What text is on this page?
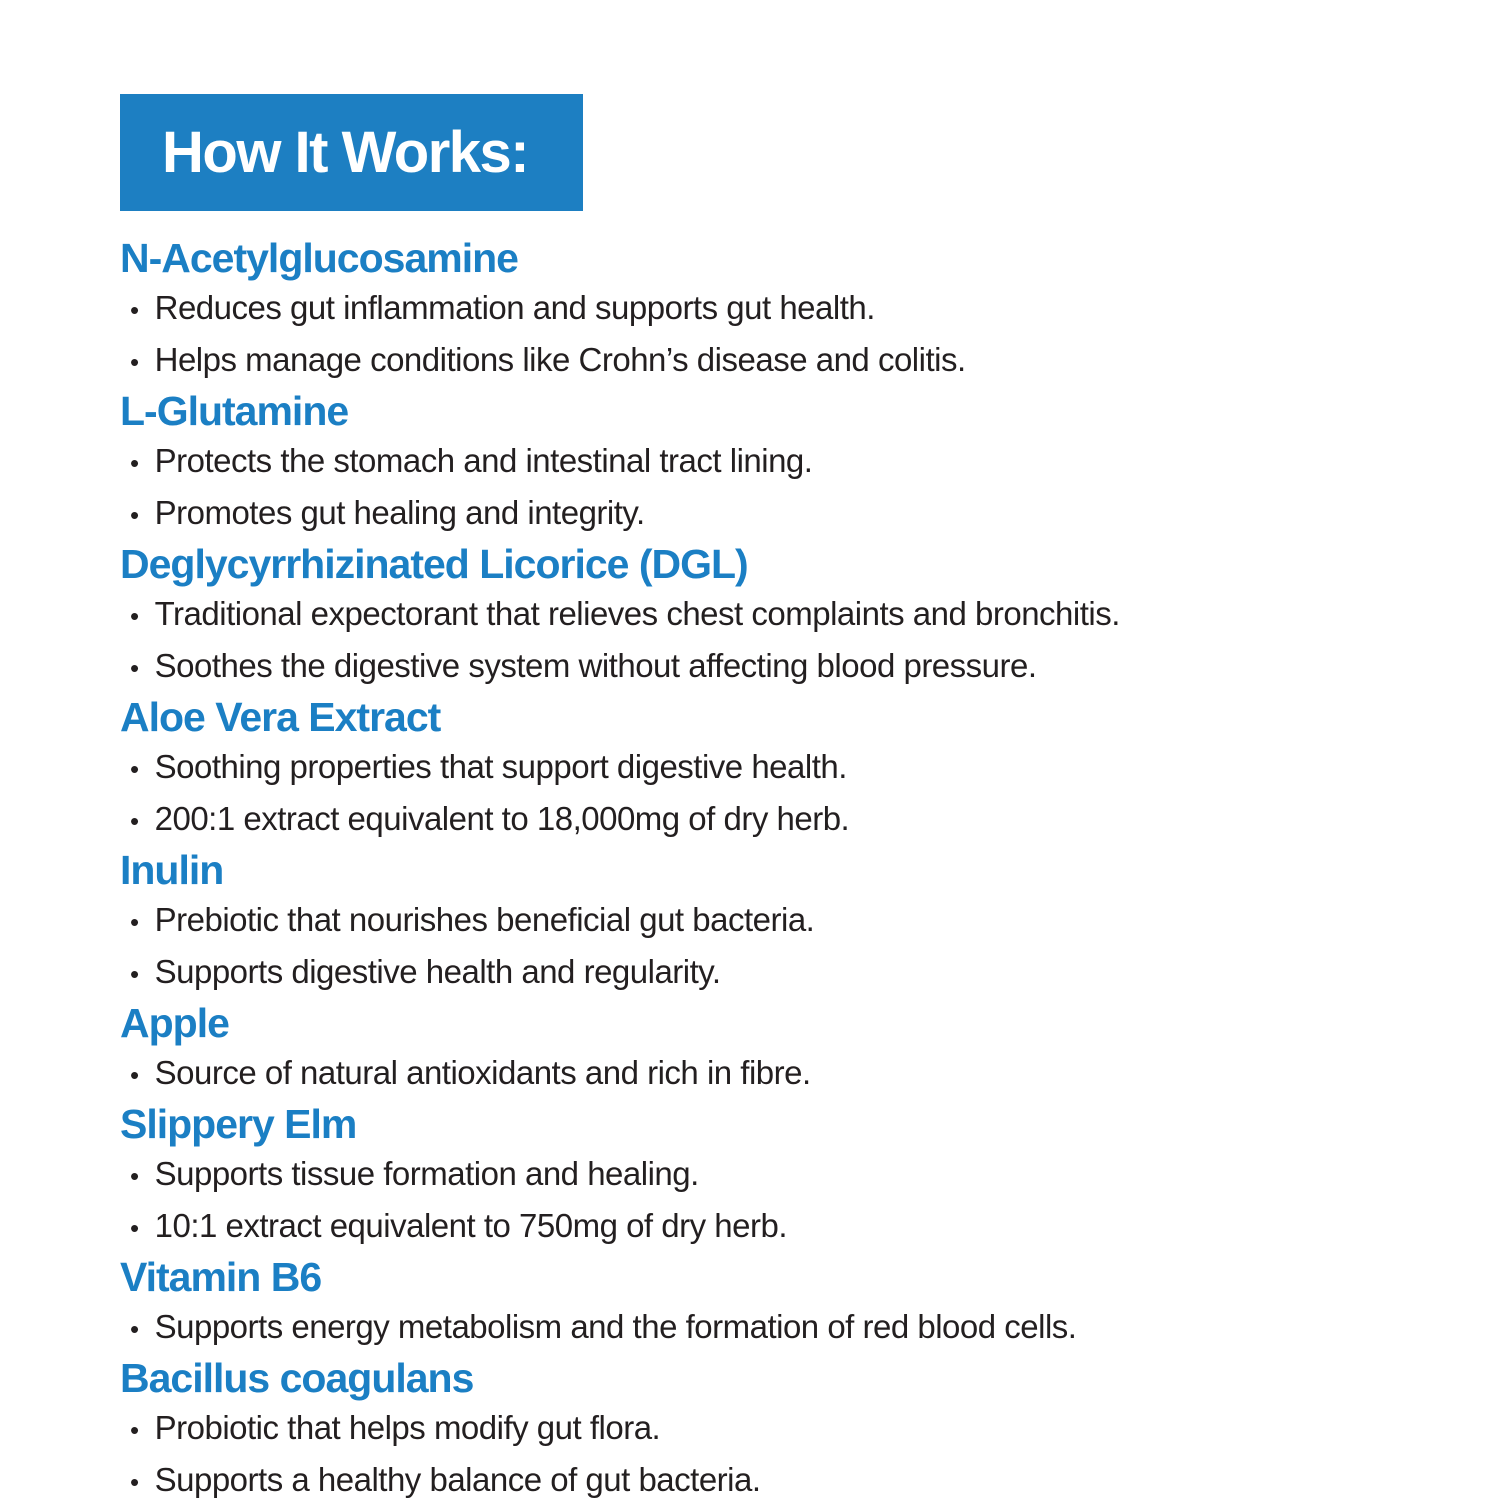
How It Works:
N-Acetylglucosamine
• Reduces gut inflammation and supports gut health.
• Helps manage conditions like Crohn’s disease and colitis.
L-Glutamine
• Protects the stomach and intestinal tract lining.
• Promotes gut healing and integrity.
Deglycyrrhizinated Licorice (DGL)
• Traditional expectorant that relieves chest complaints and bronchitis.
• Soothes the digestive system without affecting blood pressure.
Aloe Vera Extract
• Soothing properties that support digestive health.
• 200:1 extract equivalent to 18,000mg of dry herb.
Inulin
• Prebiotic that nourishes beneficial gut bacteria.
• Supports digestive health and regularity.
Apple
• Source of natural antioxidants and rich in fibre.
Slippery Elm
• Supports tissue formation and healing.
• 10:1 extract equivalent to 750mg of dry herb.
Vitamin B6
• Supports energy metabolism and the formation of red blood cells.
Bacillus coagulans
• Probiotic that helps modify gut flora.
• Supports a healthy balance of gut bacteria.
